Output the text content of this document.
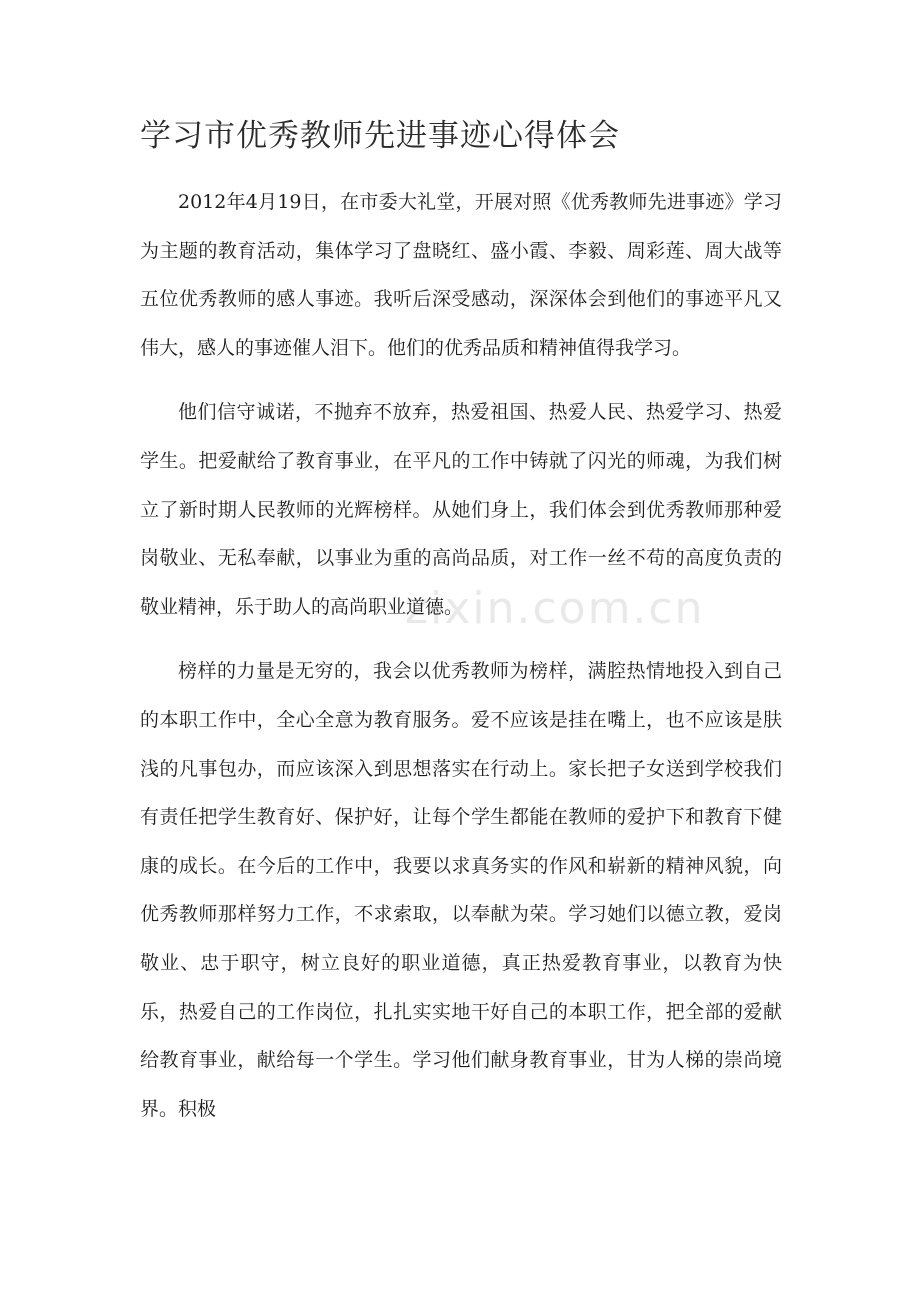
zixin.com.cn
学习市优秀教师先进事迹心得体会

2012年4月19日，在市委大礼堂，开展对照《优秀教师先进事迹》学习为主题的教育活动，集体学习了盘晓红、盛小霞、李毅、周彩莲、周大战等五位优秀教师的感人事迹。我听后深受感动，深深体会到他们的事迹平凡又伟大，感人的事迹催人泪下。他们的优秀品质和精神值得我学习。

他们信守诚诺，不抛弃不放弃，热爱祖国、热爱人民、热爱学习、热爱学生。把爱献给了教育事业，在平凡的工作中铸就了闪光的师魂，为我们树立了新时期人民教师的光辉榜样。从她们身上，我们体会到优秀教师那种爱岗敬业、无私奉献，以事业为重的高尚品质，对工作一丝不苟的高度负责的敬业精神，乐于助人的高尚职业道德。

榜样的力量是无穷的，我会以优秀教师为榜样，满腔热情地投入到自己的本职工作中，全心全意为教育服务。爱不应该是挂在嘴上，也不应该是肤浅的凡事包办，而应该深入到思想落实在行动上。家长把子女送到学校我们有责任把学生教育好、保护好，让每个学生都能在教师的爱护下和教育下健康的成长。在今后的工作中，我要以求真务实的作风和崭新的精神风貌，向优秀教师那样努力工作，不求索取，以奉献为荣。学习她们以德立教，爱岗敬业、忠于职守，树立良好的职业道德，真正热爱教育事业，以教育为快乐，热爱自己的工作岗位，扎扎实实地干好自己的本职工作，把全部的爱献给教育事业，献给每一个学生。学习他们献身教育事业，甘为人梯的崇尚境界。积极
